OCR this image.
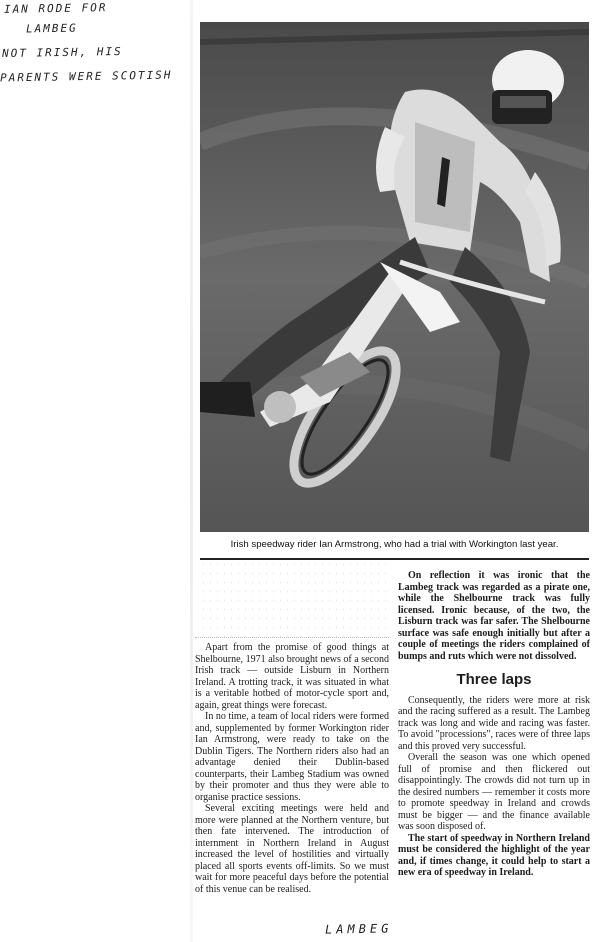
IAN RODE FOR
LAMBEG
NOT IRISH, HIS
PARENTS WERE SCOTISH
Irish speedway rider Ian Armstrong, who had a trial with Workington last year.

Apart from the promise of good things at Shelbourne, 1971 also brought news of a second Irish track — outside Lisburn in Northern Ireland. A trotting track, it was situated in what is a veritable hotbed of motor-cycle sport and, again, great things were forecast.

In no time, a team of local riders were formed and, supplemented by former Workington rider Ian Armstrong, were ready to take on the Dublin Tigers. The Northern riders also had an advantage denied their Dublin-based counterparts, their Lambeg Stadium was owned by their promoter and thus they were able to organise practice sessions.

Several exciting meetings were held and more were planned at the Northern venture, but then fate intervened. The introduction of internment in Northern Ireland in August increased the level of hostilities and virtually placed all sports events off-limits. So we must wait for more peaceful days before the potential of this venue can be realised.

On reflection it was ironic that the Lambeg track was regarded as a pirate one, while the Shelbourne track was fully licensed. Ironic because, of the two, the Lisburn track was far safer. The Shelbourne surface was safe enough initially but after a couple of meetings the riders complained of bumps and ruts which were not dissolved.

Three laps

Consequently, the riders were more at risk and the racing suffered as a result. The Lambeg track was long and wide and racing was faster. To avoid "processions", races were of three laps and this proved very successful.

Overall the season was one which opened full of promise and then flickered out disappointingly. The crowds did not turn up in the desired numbers — remember it costs more to promote speedway in Ireland and crowds must be bigger — and the finance available was soon disposed of.

The start of speedway in Northern Ireland must be considered the highlight of the year and, if times change, it could help to start a new era of speedway in Ireland.

LAMBEG
